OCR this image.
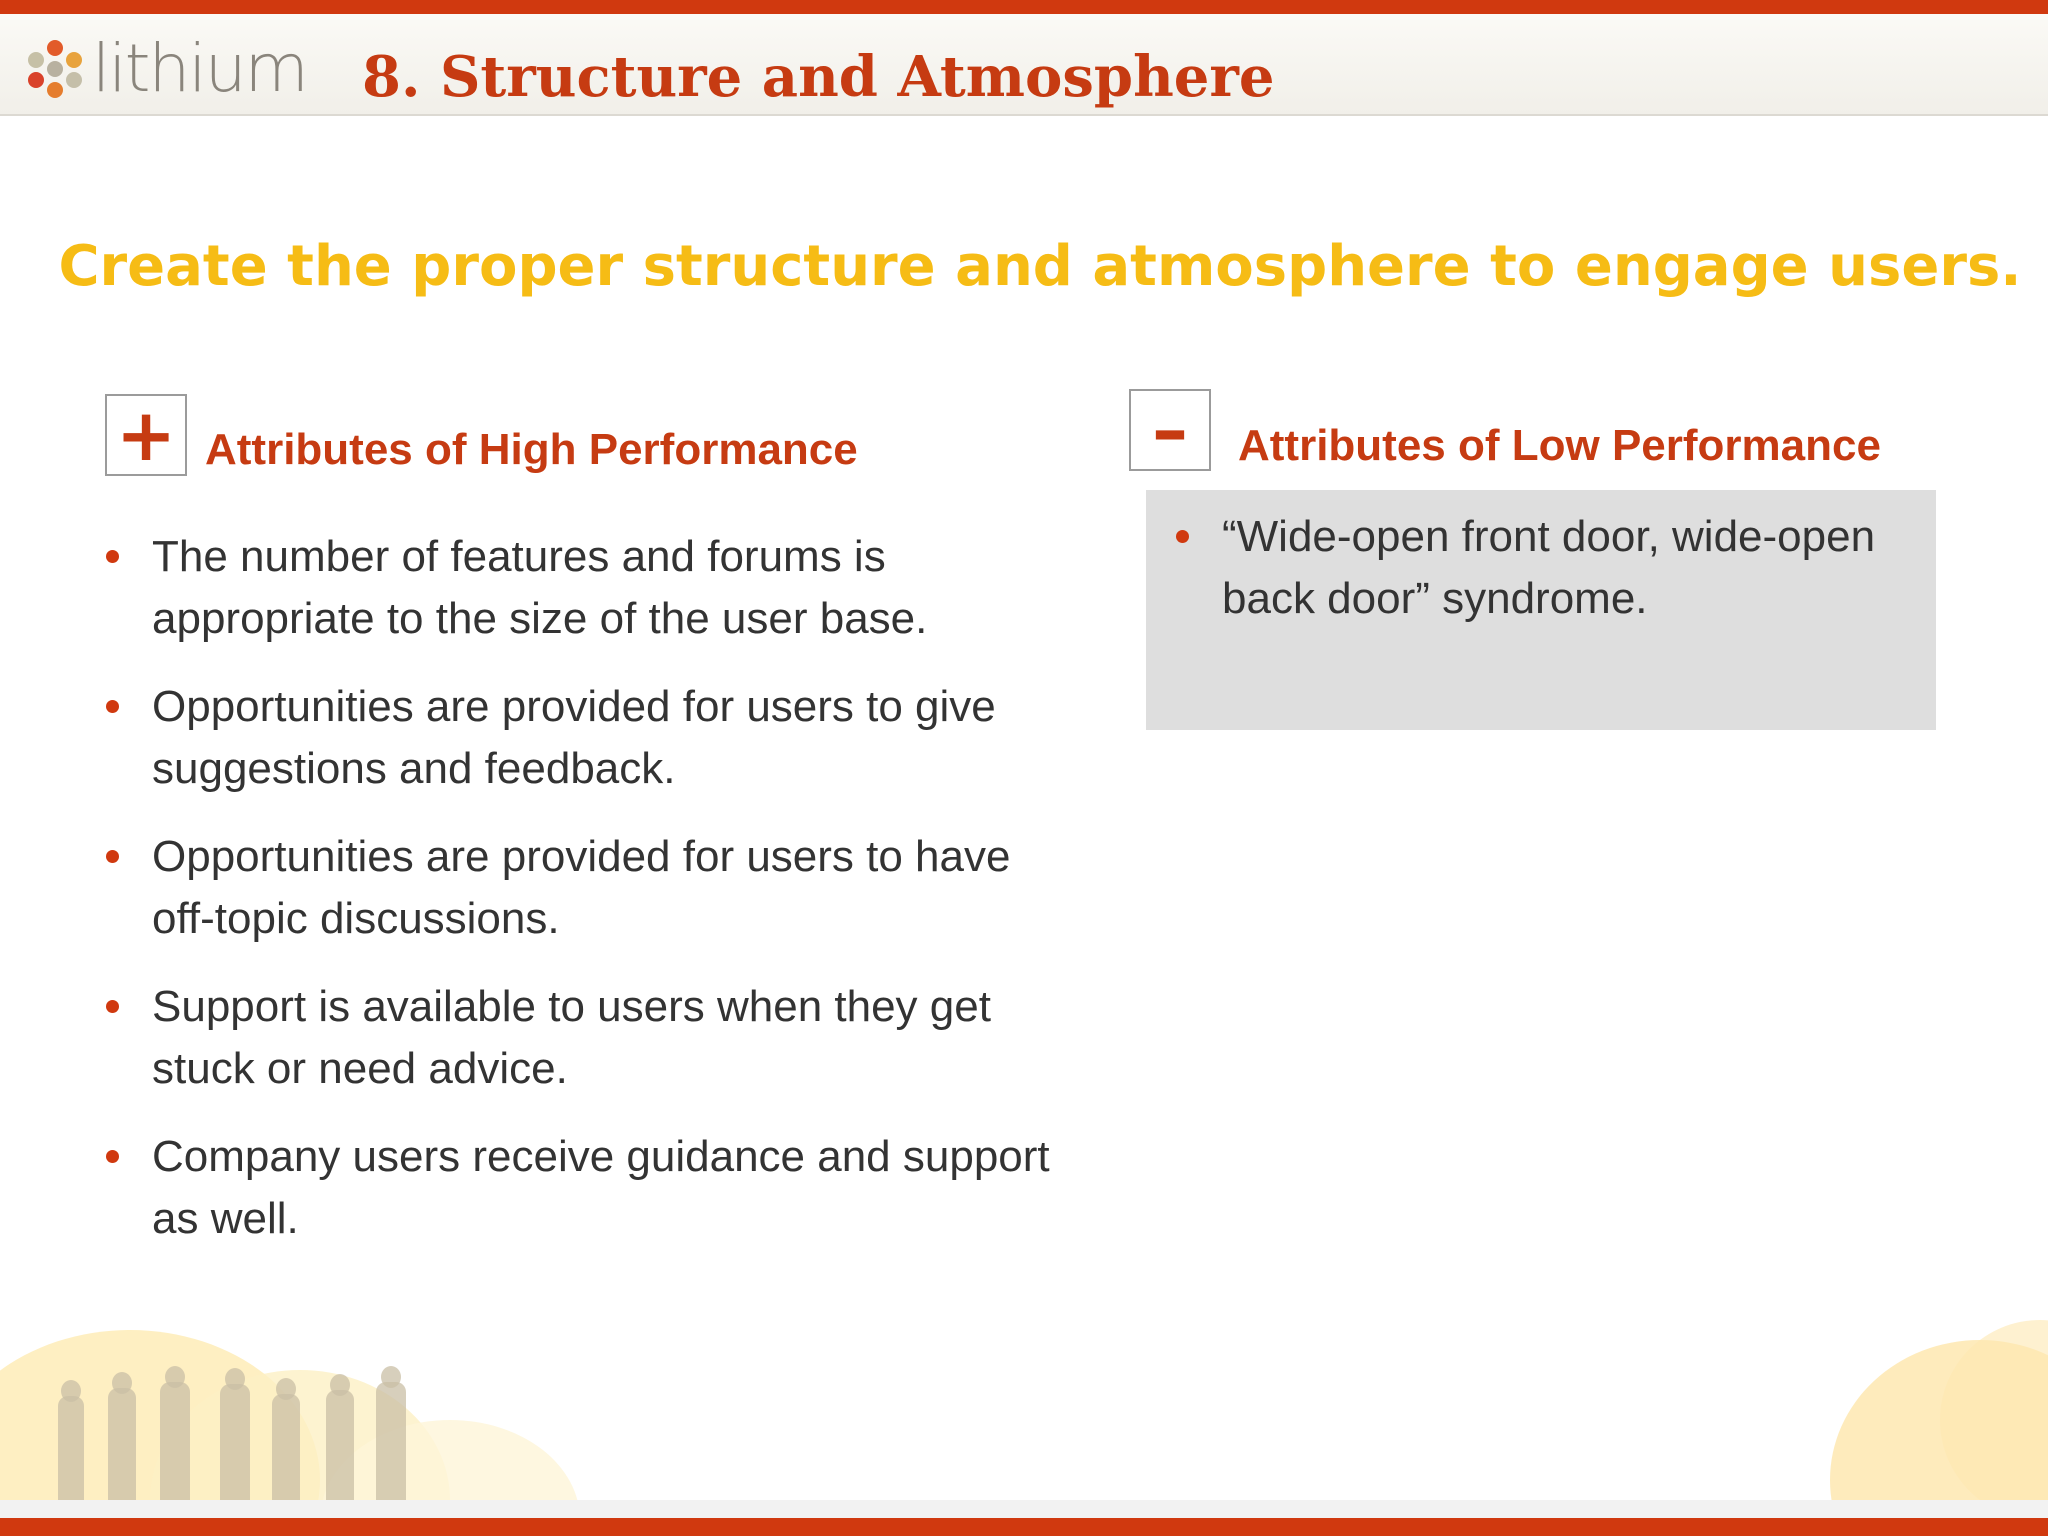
lithium 8. Structure and Atmosphere
Create the proper structure and atmosphere to engage users.
+ Attributes of High Performance
The number of features and forums is appropriate to the size of the user base.
Opportunities are provided for users to give suggestions and feedback.
Opportunities are provided for users to have off-topic discussions.
Support is available to users when they get stuck or need advice.
Company users receive guidance and support as well.
–	Attributes of Low Performance
“Wide-open front door, wide-open back door” syndrome.
